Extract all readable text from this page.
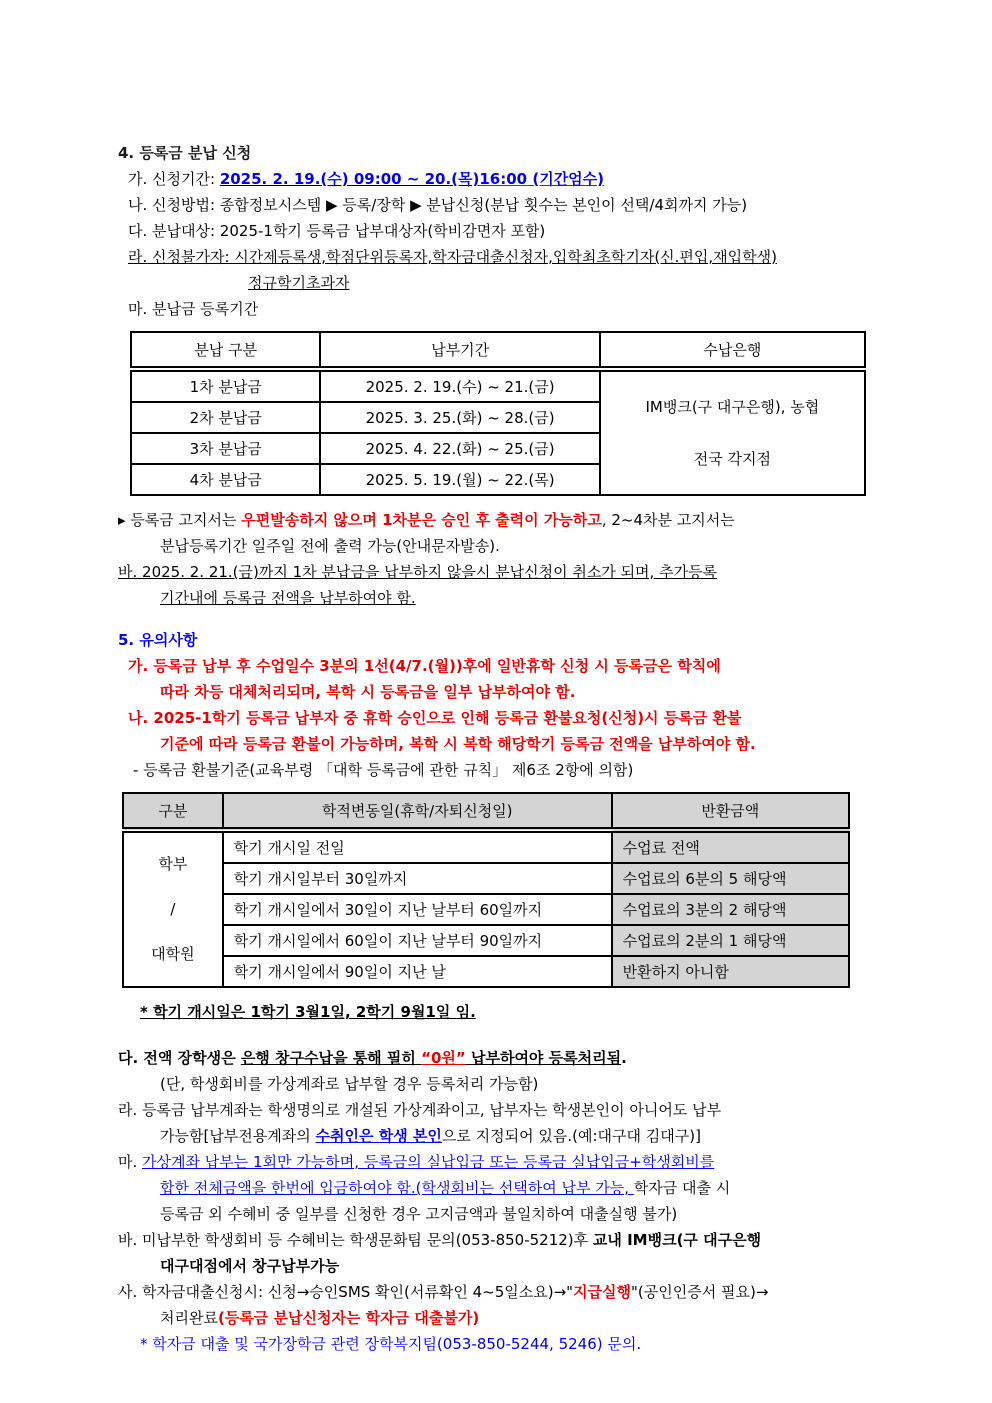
4. 등록금 분납 신청
가. 신청기간: 2025. 2. 19.(수) 09:00 ~ 20.(목)16:00 (기간엄수)
나. 신청방법: 종합정보시스템 ▶ 등록/장학 ▶ 분납신청(분납 횟수는 본인이 선택/4회까지 가능)
다. 분납대상: 2025-1학기 등록금 납부대상자(학비감면자 포함)
라. 신청불가자: 시간제등록생,학점단위등록자,학자금대출신청자,입학최초학기자(신.편입,재입학생)
정규학기초과자
마. 분납금 등록기간
분납 구분	납부기간	수납은행
1차 분납금	2025. 2. 19.(수) ~ 21.(금)	IM뱅크(구 대구은행), 농협
전국 각지점

2차 분납금	2025. 3. 25.(화) ~ 28.(금)	
3차 분납금	2025. 4. 22.(화) ~ 25.(금)	
4차 분납금	2025. 5. 19.(월) ~ 22.(목)	
▸ 등록금 고지서는 우편발송하지 않으며 1차분은 승인 후 출력이 가능하고, 2~4차분 고지서는
분납등록기간 일주일 전에 출력 가능(안내문자발송).
바. 2025. 2. 21.(금)까지 1차 분납금을 납부하지 않을시 분납신청이 취소가 되며, 추가등록
기간내에 등록금 전액을 납부하여야 함.
5. 유의사항
가. 등록금 납부 후 수업일수 3분의 1선(4/7.(월))후에 일반휴학 신청 시 등록금은 학칙에
따라 차등 대체처리되며, 복학 시 등록금을 일부 납부하여야 함.
나. 2025-1학기 등록금 납부자 중 휴학 승인으로 인해 등록금 환불요청(신청)시 등록금 환불
기준에 따라 등록금 환불이 가능하며, 복학 시 복학 해당학기 등록금 전액을 납부하여야 함.
- 등록금 환불기준(교육부령 「대학 등록금에 관한 규칙」 제6조 2항에 의함)
구분	학적변동일(휴학/자퇴신청일)	반환금액

학부
/
대학원	학기 개시일 전일	수업료 전액
	학기 개시일부터 30일까지	수업료의 6분의 5 해당액
	학기 개시일에서 30일이 지난 날부터 60일까지	수업료의 3분의 2 해당액
	학기 개시일에서 60일이 지난 날부터 90일까지	수업료의 2분의 1 해당액
	학기 개시일에서 90일이 지난 날	반환하지 아니함
* 학기 개시일은 1학기 3월1일, 2학기 9월1일 임.
다. 전액 장학생은 은행 창구수납을 통해 필히 “0원” 납부하여야 등록처리됨.
(단, 학생회비를 가상계좌로 납부할 경우 등록처리 가능함)
라. 등록금 납부계좌는 학생명의로 개설된 가상계좌이고, 납부자는 학생본인이 아니어도 납부
가능함[납부전용계좌의 수취인은 학생 본인으로 지정되어 있음.(예:대구대 김대구)]
마. 가상계좌 납부는 1회만 가능하며, 등록금의 실납입금 또는 등록금 실납입금+학생회비를
합한 전체금액을 한번에 입금하여야 함.(학생회비는 선택하여 납부 가능, 학자금 대출 시
등록금 외 수혜비 중 일부를 신청한 경우 고지금액과 불일치하여 대출실행 불가)
바. 미납부한 학생회비 등 수혜비는 학생문화팀 문의(053-850-5212)후 교내 IM뱅크(구 대구은행
대구대점에서 창구납부가능
사. 학자금대출신청시: 신청→승인SMS 확인(서류확인 4~5일소요)→"지급실행"(공인인증서 필요)→
처리완료(등록금 분납신청자는 학자금 대출불가)
* 학자금 대출 및 국가장학금 관련 장학복지팀(053-850-5244, 5246) 문의.
